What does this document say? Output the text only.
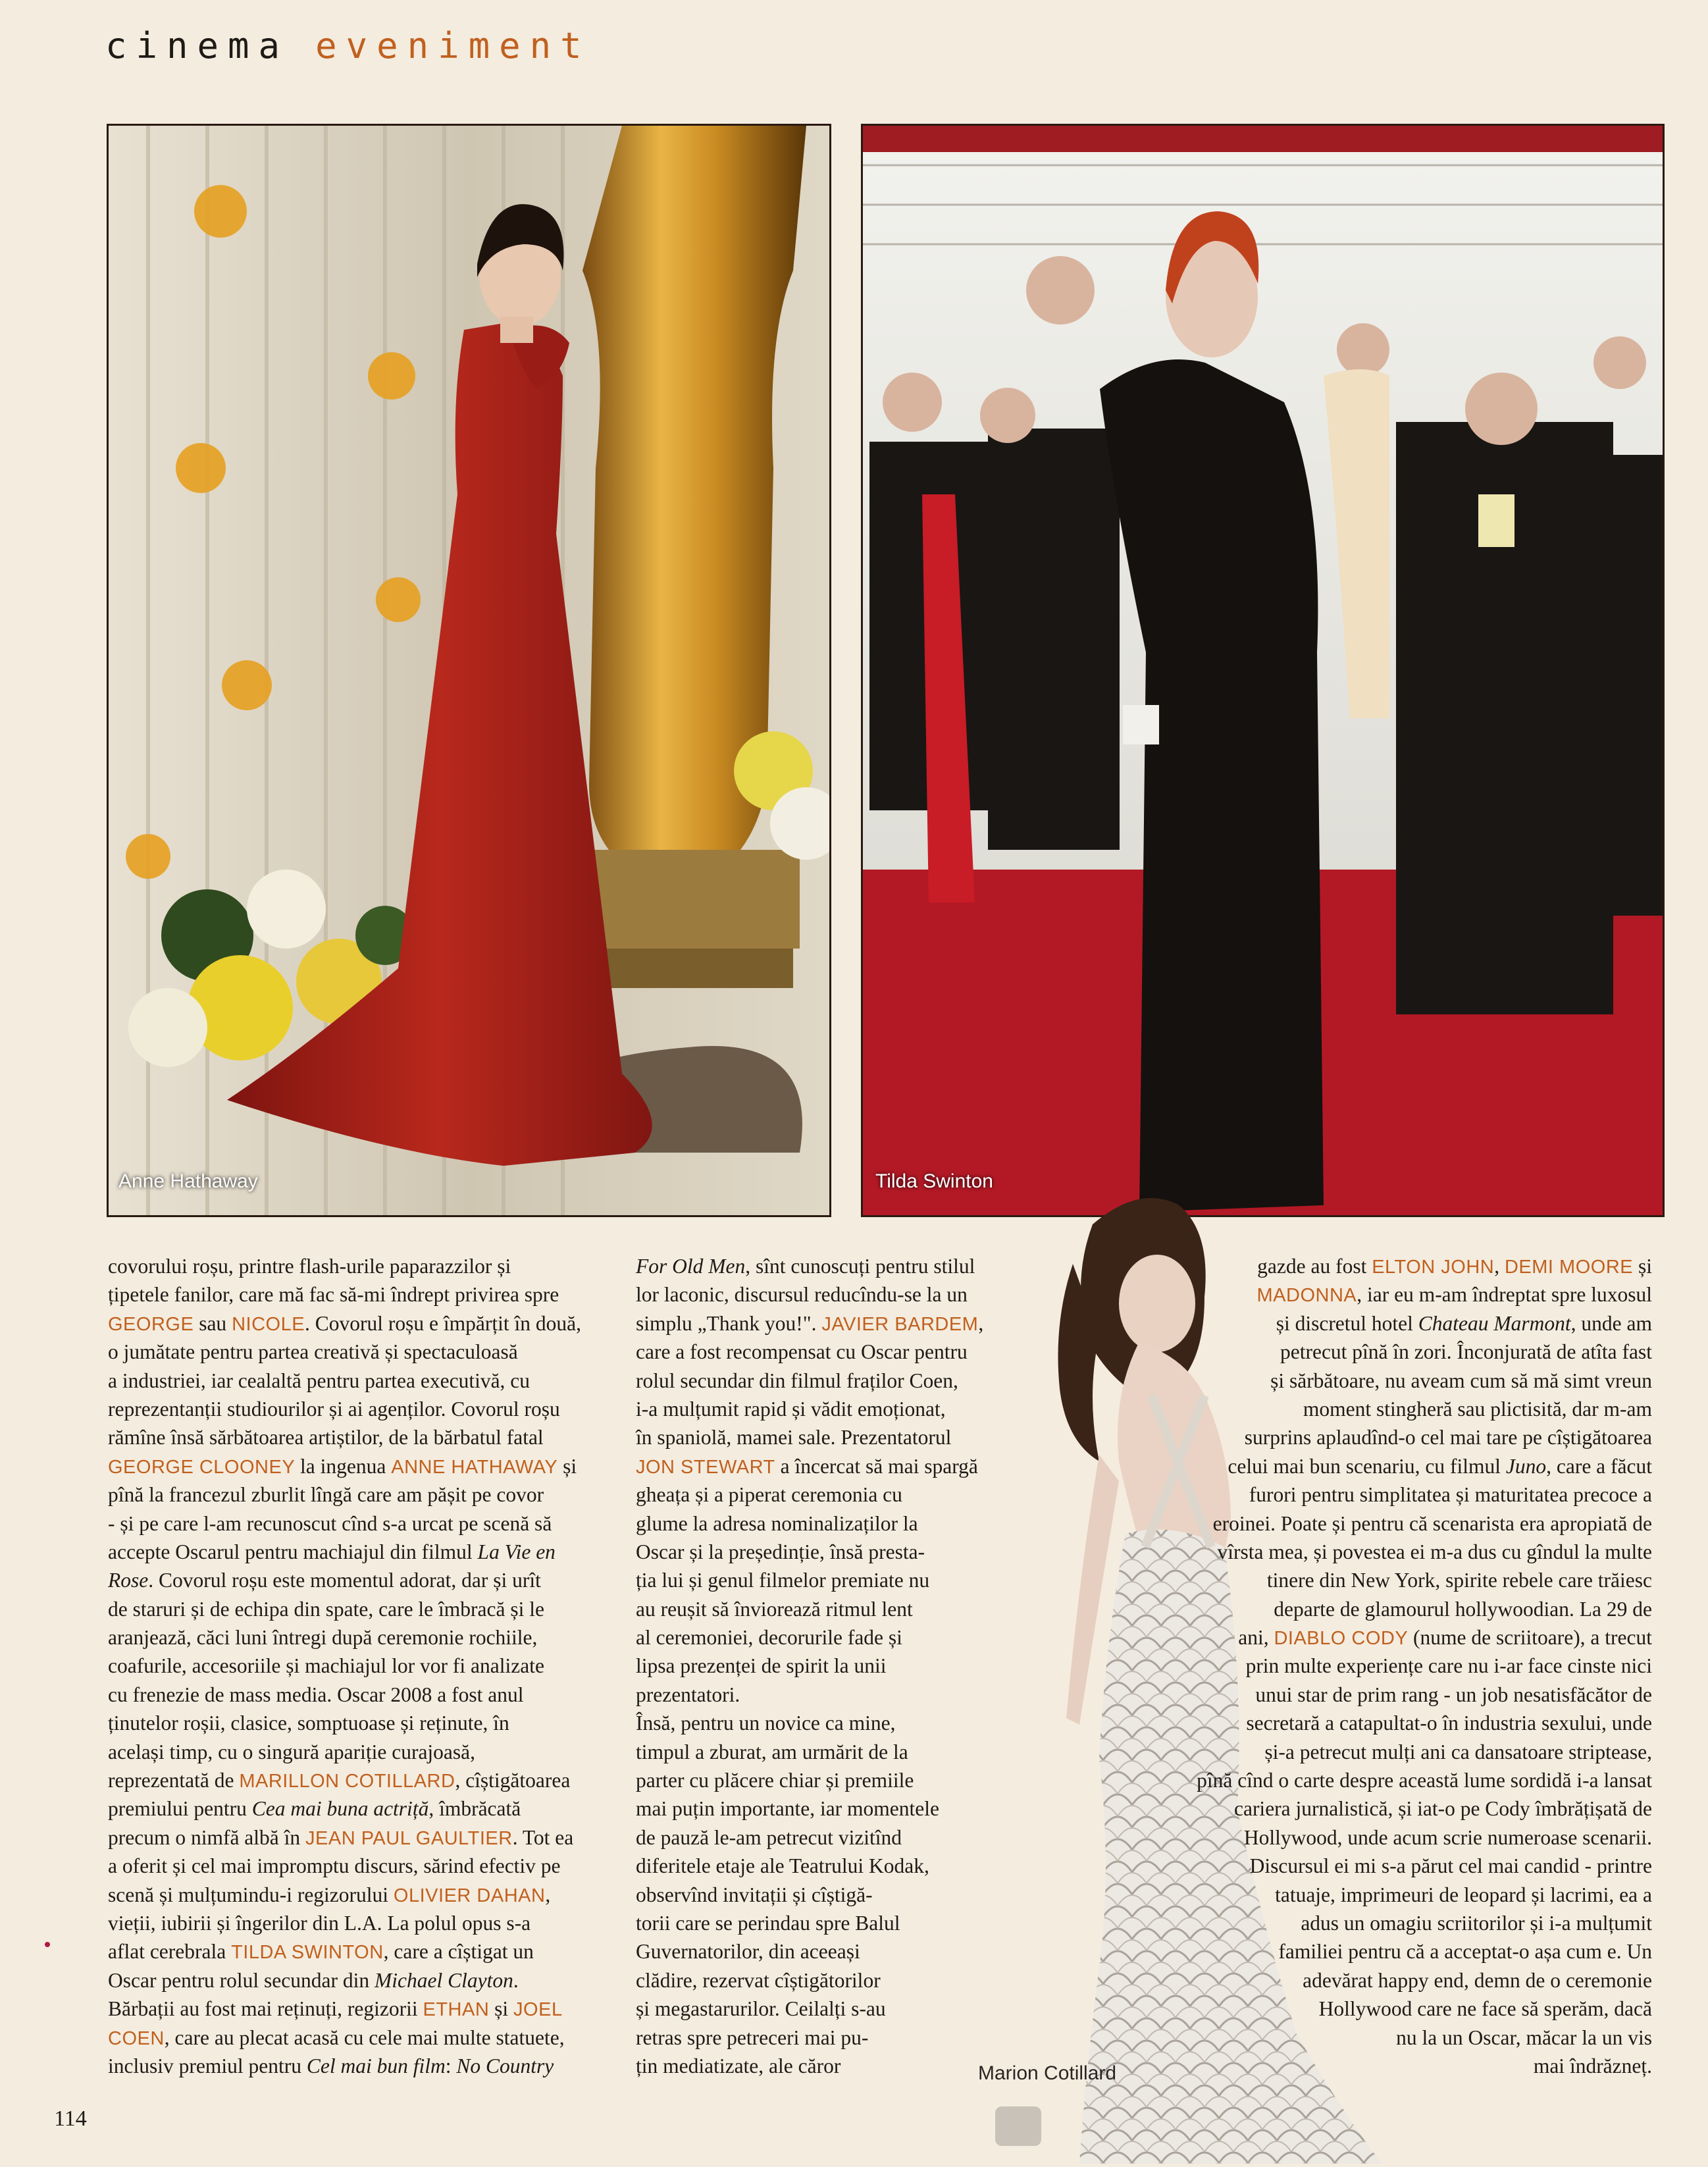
cinema eveniment
Anne Hathaway	Tilda Swinton
Marion Cotillard
covorului roșu, printre flash-urile paparazzilor și
țipetele fanilor, care mă fac să-mi îndrept privirea spre
GEORGE sau NICOLE. Covorul roșu e împărțit în două,
o jumătate pentru partea creativă și spectaculoasă
a industriei, iar cealaltă pentru partea executivă, cu
reprezentanții studiourilor și ai agenților. Covorul roșu
rămîne însă sărbătoarea artiștilor, de la bărbatul fatal
GEORGE CLOONEY la ingenua ANNE HATHAWAY și
pînă la francezul zburlit lîngă care am pășit pe covor
- și pe care l-am recunoscut cînd s-a urcat pe scenă să
accepte Oscarul pentru machiajul din filmul La Vie en
Rose. Covorul roșu este momentul adorat, dar și urît
de staruri și de echipa din spate, care le îmbracă și le
aranjează, căci luni întregi după ceremonie rochiile,
coafurile, accesoriile și machiajul lor vor fi analizate
cu frenezie de mass media. Oscar 2008 a fost anul
ținutelor roșii, clasice, somptuoase și reținute, în
același timp, cu o singură apariție curajoasă,
reprezentată de MARILLON COTILLARD, cîștigătoarea
premiului pentru Cea mai buna actriță, îmbrăcată
precum o nimfă albă în JEAN PAUL GAULTIER. Tot ea
a oferit și cel mai impromptu discurs, sărind efectiv pe
scenă și mulțumindu-i regizorului OLIVIER DAHAN,
vieții, iubirii și îngerilor din L.A. La polul opus s-a
aflat cerebrala TILDA SWINTON, care a cîștigat un
Oscar pentru rolul secundar din Michael Clayton.
Bărbații au fost mai reținuți, regizorii ETHAN și JOEL
COEN, care au plecat acasă cu cele mai multe statuete,
inclusiv premiul pentru Cel mai bun film: No Country
For Old Men, sînt cunoscuți pentru stilul
lor laconic, discursul reducîndu-se la un
simplu „Thank you!". JAVIER BARDEM,
care a fost recompensat cu Oscar pentru
rolul secundar din filmul fraților Coen,
i-a mulțumit rapid și vădit emoționat,
în spaniolă, mamei sale. Prezentatorul
JON STEWART a încercat să mai spargă
gheața și a piperat ceremonia cu
glume la adresa nominalizaților la
Oscar și la președinție, însă presta-
ția lui și genul filmelor premiate nu
au reușit să înviorează ritmul lent
al ceremoniei, decorurile fade și
lipsa prezenței de spirit la unii
prezentatori.
Însă, pentru un novice ca mine,
timpul a zburat, am urmărit de la
parter cu plăcere chiar și premiile
mai puțin importante, iar momentele
de pauză le-am petrecut vizitînd
diferitele etaje ale Teatrului Kodak,
observînd invitații și cîștigă-
torii care se perindau spre Balul
Guvernatorilor, din aceeași
clădire, rezervat cîștigătorilor
și megastarurilor. Ceilalți s-au
retras spre petreceri mai pu-
țin mediatizate, ale căror
gazde au fost ELTON JOHN, DEMI MOORE și
MADONNA, iar eu m-am îndreptat spre luxosul
și discretul hotel Chateau Marmont, unde am
petrecut pînă în zori. Înconjurată de atîta fast
și sărbătoare, nu aveam cum să mă simt vreun
moment stingheră sau plictisită, dar m-am
surprins aplaudînd-o cel mai tare pe cîștigătoarea
celui mai bun scenariu, cu filmul Juno, care a făcut
furori pentru simplitatea și maturitatea precoce a
eroinei. Poate și pentru că scenarista era apropiată de
vîrsta mea, și povestea ei m-a dus cu gîndul la multe
tinere din New York, spirite rebele care trăiesc
departe de glamourul hollywoodian. La 29 de
ani, DIABLO CODY (nume de scriitoare), a trecut
prin multe experiențe care nu i-ar face cinste nici
unui star de prim rang - un job nesatisfăcător de
secretară a catapultat-o în industria sexului, unde
și-a petrecut mulți ani ca dansatoare striptease,
pînă cînd o carte despre această lume sordidă i-a lansat
cariera jurnalistică, și iat-o pe Cody îmbrățișată de
Hollywood, unde acum scrie numeroase scenarii.
Discursul ei mi s-a părut cel mai candid - printre
tatuaje, imprimeuri de leopard și lacrimi, ea a
adus un omagiu scriitorilor și i-a mulțumit
familiei pentru că a acceptat-o așa cum e. Un
adevărat happy end, demn de o ceremonie
Hollywood care ne face să sperăm, dacă
nu la un Oscar, măcar la un vis
mai îndrăzneț.
114
